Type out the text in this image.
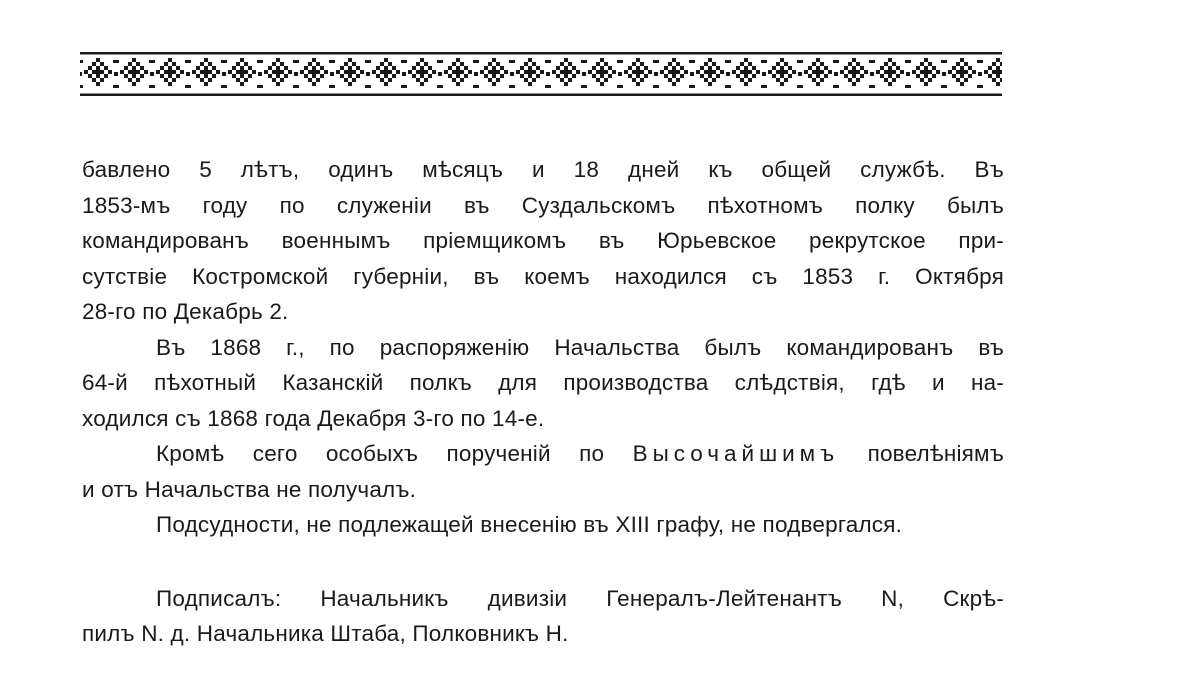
бавлено 5 лѣтъ, одинъ мѣсяцъ и 18 дней къ общей службѣ. Въ
1853-мъ году по служеніи въ Суздальскомъ пѣхотномъ полку былъ
командированъ военнымъ пріемщикомъ въ Юрьевское рекрутское при-
сутствіе Костромской губерніи, въ коемъ находился съ 1853 г. Октября
28-го по Декабрь 2.
Въ 1868 г., по распоряженію Начальства былъ командированъ въ
64-й пѣхотный Казанскій полкъ для производства слѣдствія, гдѣ и на-
ходился съ 1868 года Декабря 3-го по 14-е.
Кромѣ сего особыхъ порученій по Высочайшимъ повелѣніямъ
и отъ Начальства не получалъ.
Подсудности, не подлежащей внесенію въ XIII графу, не подвергался.
Подписалъ: Начальникъ дивизіи Генералъ-Лейтенантъ N, Скрѣ-
пилъ N. д. Начальника Штаба, Полковникъ Н.
